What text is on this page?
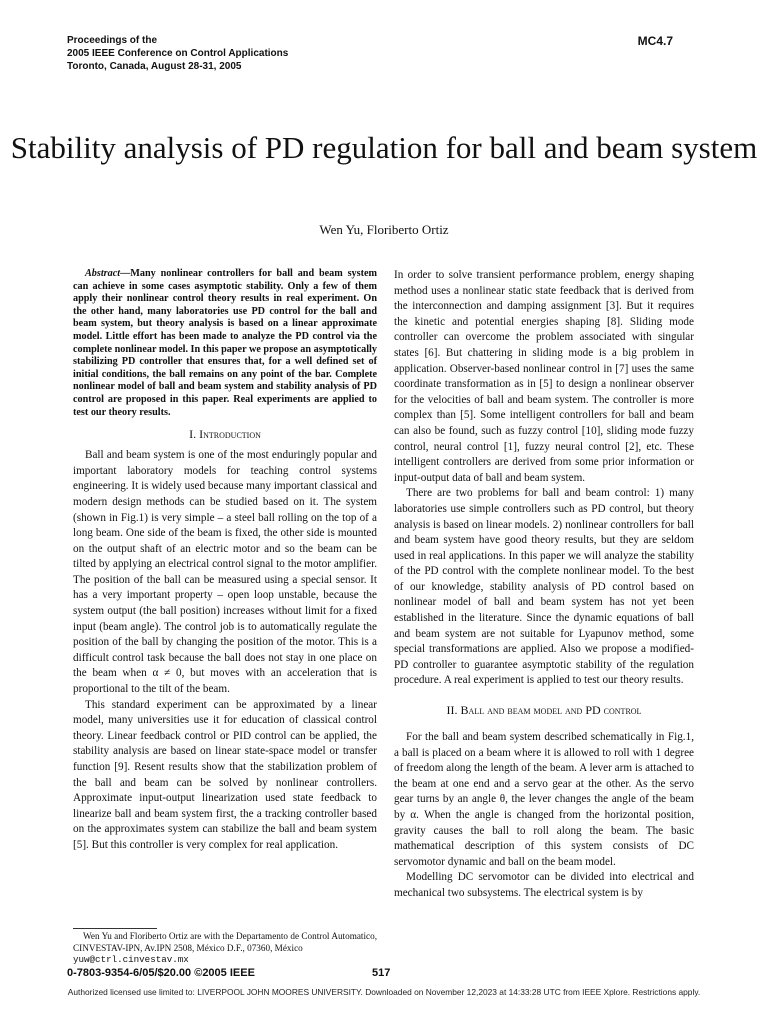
Proceedings of the
2005 IEEE Conference on Control Applications
Toronto, Canada, August 28-31, 2005
MC4.7
Stability analysis of PD regulation for ball and beam system
Wen Yu, Floriberto Ortiz

Abstract—Many nonlinear controllers for ball and beam system can achieve in some cases asymptotic stability. Only a few of them apply their nonlinear control theory results in real experiment. On the other hand, many laboratories use PD control for the ball and beam system, but theory analysis is based on a linear approximate model. Little effort has been made to analyze the PD control via the complete nonlinear model. In this paper we propose an asymptotically stabilizing PD controller that ensures that, for a well defined set of initial conditions, the ball remains on any point of the bar. Complete nonlinear model of ball and beam system and stability analysis of PD control are proposed in this paper. Real experiments are applied to test our theory results.

I. Introduction

Ball and beam system is one of the most enduringly popular and important laboratory models for teaching control systems engineering. It is widely used because many important classical and modern design methods can be studied based on it. The system (shown in Fig.1) is very simple – a steel ball rolling on the top of a long beam. One side of the beam is fixed, the other side is mounted on the output shaft of an electric motor and so the beam can be tilted by applying an electrical control signal to the motor amplifier. The position of the ball can be measured using a special sensor. It has a very important property – open loop unstable, because the system output (the ball position) increases without limit for a fixed input (beam angle). The control job is to automatically regulate the position of the ball by changing the position of the motor. This is a difficult control task because the ball does not stay in one place on the beam when α ≠ 0, but moves with an acceleration that is proportional to the tilt of the beam.

This standard experiment can be approximated by a linear model, many universities use it for education of classical control theory. Linear feedback control or PID control can be applied, the stability analysis are based on linear state-space model or transfer function [9]. Resent results show that the stabilization problem of the ball and beam can be solved by nonlinear controllers. Approximate input-output linearization used state feedback to linearize ball and beam system first, the a tracking controller based on the approximates system can stabilize the ball and beam system [5]. But this controller is very complex for real application.

In order to solve transient performance problem, energy shaping method uses a nonlinear static state feedback that is derived from the interconnection and damping assignment [3]. But it requires the kinetic and potential energies shaping [8]. Sliding mode controller can overcome the problem associated with singular states [6]. But chattering in sliding mode is a big problem in application. Observer-based nonlinear control in [7] uses the same coordinate transformation as in [5] to design a nonlinear observer for the velocities of ball and beam system. The controller is more complex than [5]. Some intelligent controllers for ball and beam can also be found, such as fuzzy control [10], sliding mode fuzzy control, neural control [1], fuzzy neural control [2], etc. These intelligent controllers are derived from some prior information or input-output data of ball and beam system.

There are two problems for ball and beam control: 1) many laboratories use simple controllers such as PD control, but theory analysis is based on linear models. 2) nonlinear controllers for ball and beam system have good theory results, but they are seldom used in real applications. In this paper we will analyze the stability of the PD control with the complete nonlinear model. To the best of our knowledge, stability analysis of PD control based on nonlinear model of ball and beam system has not yet been established in the literature. Since the dynamic equations of ball and beam system are not suitable for Lyapunov method, some special transformations are applied. Also we propose a modified-PD controller to guarantee asymptotic stability of the regulation procedure. A real experiment is applied to test our theory results.

II. Ball and beam model and PD control

For the ball and beam system described schematically in Fig.1, a ball is placed on a beam where it is allowed to roll with 1 degree of freedom along the length of the beam. A lever arm is attached to the beam at one end and a servo gear at the other. As the servo gear turns by an angle θ, the lever changes the angle of the beam by α. When the angle is changed from the horizontal position, gravity causes the ball to roll along the beam. The basic mathematical description of this system consists of DC servomotor dynamic and ball on the beam model.

Modelling DC servomotor can be divided into electrical and mechanical two subsystems. The electrical system is by

Wen Yu and Floriberto Ortiz are with the Departamento de Control Automatico, CINVESTAV-IPN, Av.IPN 2508, México D.F., 07360, México
yuw@ctrl.cinvestav.mx
0-7803-9354-6/05/$20.00 ©2005 IEEE	517
Authorized licensed use limited to: LIVERPOOL JOHN MOORES UNIVERSITY. Downloaded on November 12,2023 at 14:33:28 UTC from IEEE Xplore. Restrictions apply.
